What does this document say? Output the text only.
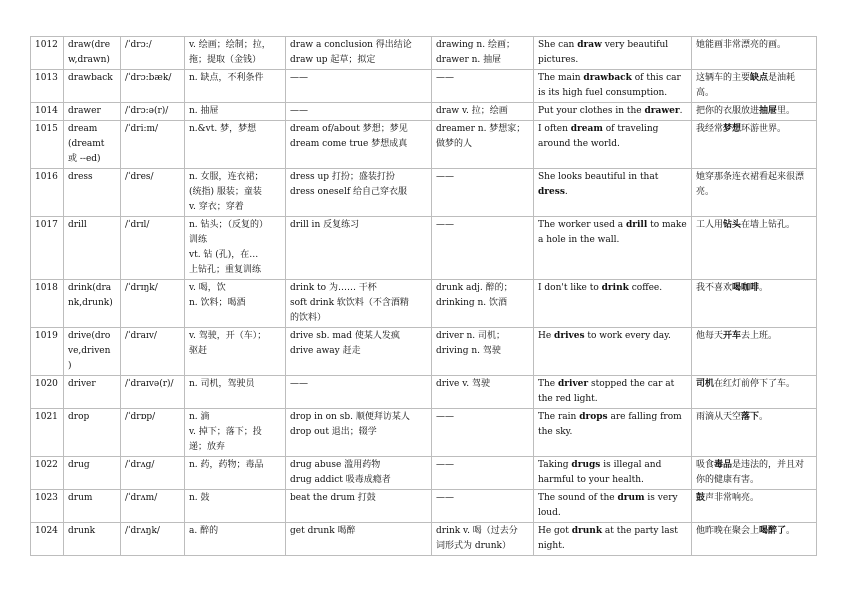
1012	draw(dre
w,drawn)	/ˈdrɔ:/	v. 绘画；绘制；拉，
拖；提取（金钱）	draw a conclusion 得出结论
draw up 起草；拟定	drawing n. 绘画；
drawer n. 抽屉	She can draw very beautiful pictures.	她能画非常漂亮的画。
1013	drawback	/ˈdrɔ:bæk/	n. 缺点，不利条件	——	——	The main drawback of this car is its high fuel consumption.	这辆车的主要缺点是油耗高。
1014	drawer	/ˈdrɔ:ə(r)/	n. 抽屉	——	draw v. 拉；绘画	Put your clothes in the drawer.	把你的衣服放进抽屉里。
1015	dream
(dreamt
或 --ed)	/ˈdri:m/	n.&vt. 梦，梦想	dream of/about 梦想；梦见
dream come true 梦想成真	dreamer n. 梦想家；
做梦的人	I often dream of traveling around the world.	我经常梦想环游世界。
1016	dress	/ˈdres/	n. 女服，连衣裙；
(统指) 服装；童装
v. 穿衣；穿着	dress up 打扮；盛装打扮
dress oneself 给自己穿衣服	——	She looks beautiful in that dress.	她穿那条连衣裙看起来很漂亮。
1017	drill	/ˈdrɪl/	n. 钻头；（反复的）
训练
vt. 钻 (孔)，在…
上钻孔；重复训练	drill in 反复练习	——	The worker used a drill to make a hole in the wall.	工人用钻头在墙上钻孔。
1018	drink(dra
nk,drunk)	/ˈdrɪŋk/	v. 喝，饮
n. 饮料；喝酒	drink to 为…… 干杯
soft drink 软饮料（不含酒精
的饮料）	drunk adj. 醉的；
drinking n. 饮酒	I don't like to drink coffee.	我不喜欢喝咖啡。
1019	drive(dro
ve,driven
)	/ˈdraɪv/	v. 驾驶，开（车）；
驱赶	drive sb. mad 使某人发疯
drive away 赶走	driver n. 司机；
driving n. 驾驶	He drives to work every day.	他每天开车去上班。
1020	driver	/ˈdraɪvə(r)/	n. 司机，驾驶员	——	drive v. 驾驶	The driver stopped the car at the red light.	司机在红灯前停下了车。
1021	drop	/ˈdrɒp/	n. 滴
v. 掉下；落下；投
递；放弃	drop in on sb. 顺便拜访某人
drop out 退出；辍学	——	The rain drops are falling from the sky.	雨滴从天空落下。
1022	drug	/ˈdrʌg/	n. 药，药物；毒品	drug abuse 滥用药物
drug addict 吸毒成瘾者	——	Taking drugs is illegal and harmful to your health.	吸食毒品是违法的，并且对你的健康有害。
1023	drum	/ˈdrʌm/	n. 鼓	beat the drum 打鼓	——	The sound of the drum is very loud.	鼓声非常响亮。
1024	drunk	/ˈdrʌŋk/	a. 醉的	get drunk 喝醉	drink v. 喝（过去分
词形式为 drunk）	He got drunk at the party last night.	他昨晚在聚会上喝醉了。
